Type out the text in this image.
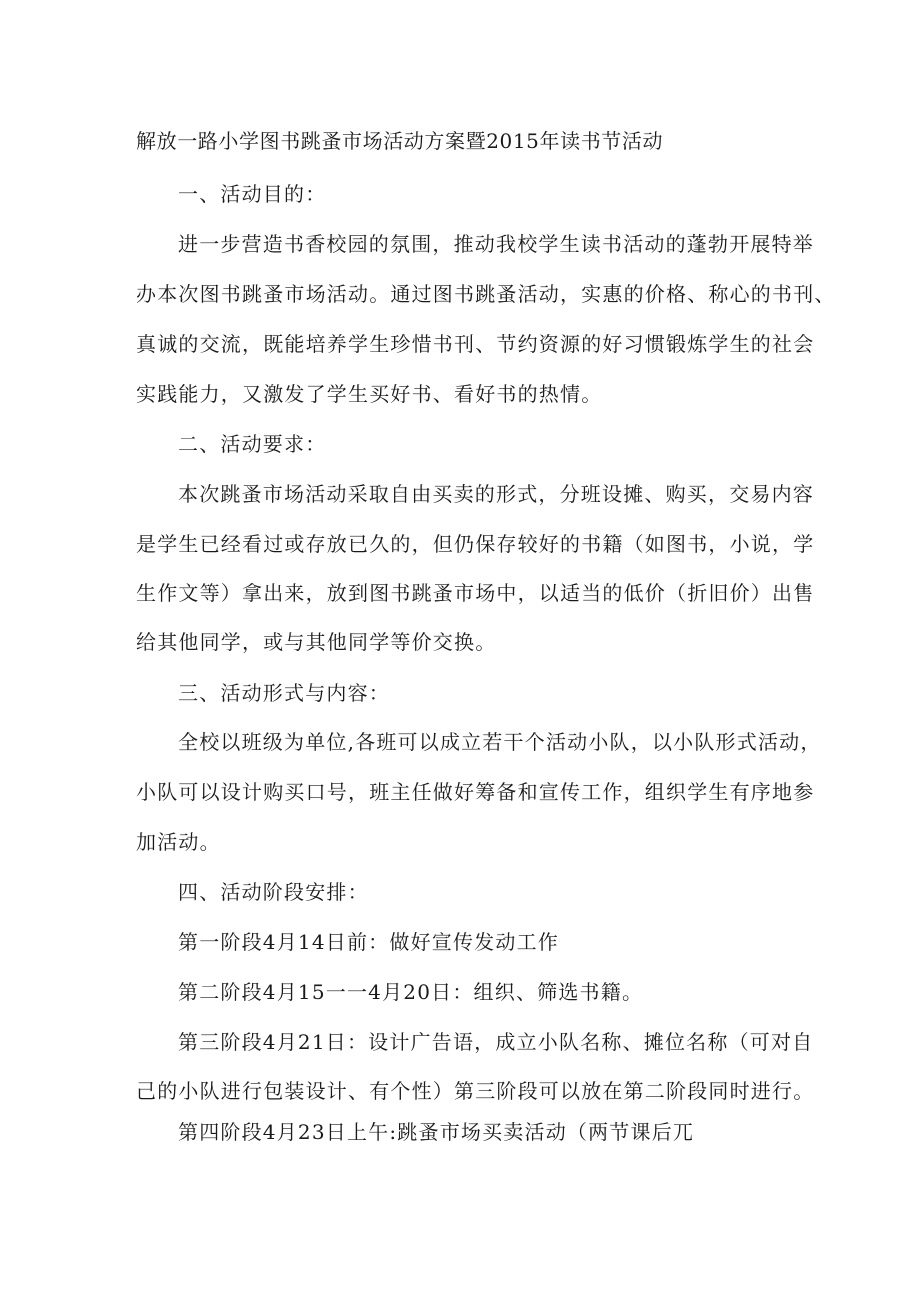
解放一路小学图书跳蚤市场活动方案暨2015年读书节活动

一、活动目的：

进一步营造书香校园的氛围，推动我校学生读书活动的蓬勃开展特举

办本次图书跳蚤市场活动。通过图书跳蚤活动，实惠的价格、称心的书刊、

真诚的交流，既能培养学生珍惜书刊、节约资源的好习惯锻炼学生的社会

实践能力，又激发了学生买好书、看好书的热情。

二、活动要求：

本次跳蚤市场活动采取自由买卖的形式，分班设摊、购买，交易内容

是学生已经看过或存放已久的，但仍保存较好的书籍（如图书，小说，学

生作文等）拿出来，放到图书跳蚤市场中，以适当的低价（折旧价）出售

给其他同学，或与其他同学等价交换。

三、活动形式与内容：

全校以班级为单位,各班可以成立若干个活动小队，以小队形式活动，

小队可以设计购买口号，班主任做好筹备和宣传工作，组织学生有序地参

加活动。

四、活动阶段安排：

第一阶段4月14日前：做好宣传发动工作

第二阶段4月15一一4月20日：组织、筛选书籍。

第三阶段4月21日：设计广告语，成立小队名称、摊位名称（可对自

己的小队进行包装设计、有个性）第三阶段可以放在第二阶段同时进行。

第四阶段4月23日上午:跳蚤市场买卖活动（两节课后兀
